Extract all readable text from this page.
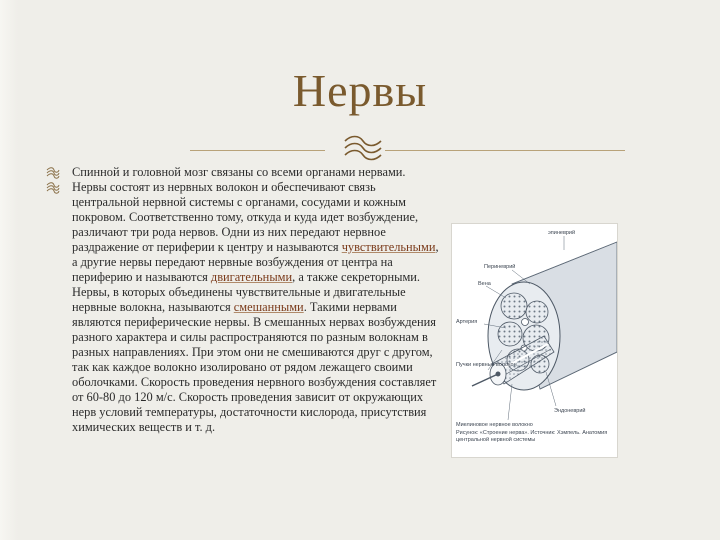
Нервы
Спинной и головной мозг связаны со всеми органами нервами.
Нервы состоят из нервных волокон и обеспечивают связь центральной нервной системы с органами, сосудами и кожным покровом. Соответственно тому, откуда и куда идет возбуждение, различают три рода нервов. Одни из них передают нервное раздражение от периферии к центру и называются чувствительными, а другие нервы передают нервные возбуждения от центра на периферию и называются двигательными, а также секреторными. Нервы, в которых объединены чувствительные и двигательные нервные волокна, называются смешанными. Такими нервами являются периферические нервы. В смешанных нервах возбуждения разного характера и силы распространяются по разным волокнам в разных направлениях. При этом они не смешиваются друг с другом, так как каждое волокно изолировано от рядом лежащего своими оболочками. Скорость проведения нервного возбуждения составляет от 60-80 до 120 м/с. Скорость проведения зависит от окружающих нерв условий температуры, достаточности кислорода, присутствия химических веществ и т. д.
эпиневрий
Периневрий
Вена
Артерия
Пучки нервных волокон
Эндоневрий
Миелиновое нервное волокно
Рисунок: «Строение нерва». Источник: Хэмпель. Анатомия центральной нервной системы
